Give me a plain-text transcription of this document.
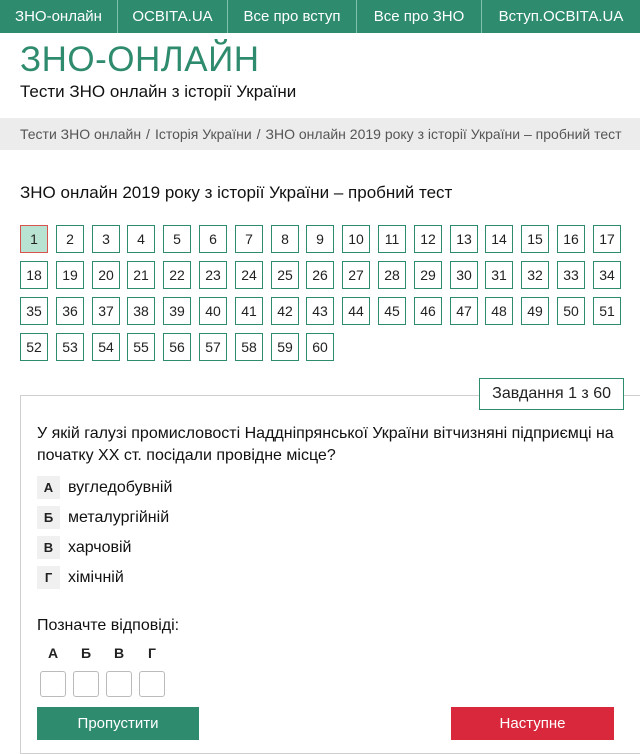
ЗНО-онлайн	ОСВІТА.UA	Все про вступ	Все про ЗНО	Вступ.ОСВІТА.UA
ЗНО-ОНЛАЙН
Тести ЗНО онлайн з історії України
Тести ЗНО онлайн / Історія України / ЗНО онлайн 2019 року з історії України – пробний тест
ЗНО онлайн 2019 року з історії України – пробний тест
1	2	3	4	5	6	7	8	9	10	11	12	13	14	15	16	17
18	19	20	21	22	23	24	25	26	27	28	29	30	31	32	33	34
35	36	37	38	39	40	41	42	43	44	45	46	47	48	49	50	51
52	53	54	55	56	57	58	59	60
Завдання 1 з 60
У якій галузі промисловості Наддніпрянської України вітчизняні підприємці на початку ХХ ст. посідали провідне місце?
А вугледобувній
Б металургійній
В харчовій
Г хімічній
Позначте відповіді:
А	Б	В	Г
Пропустити	Наступне
